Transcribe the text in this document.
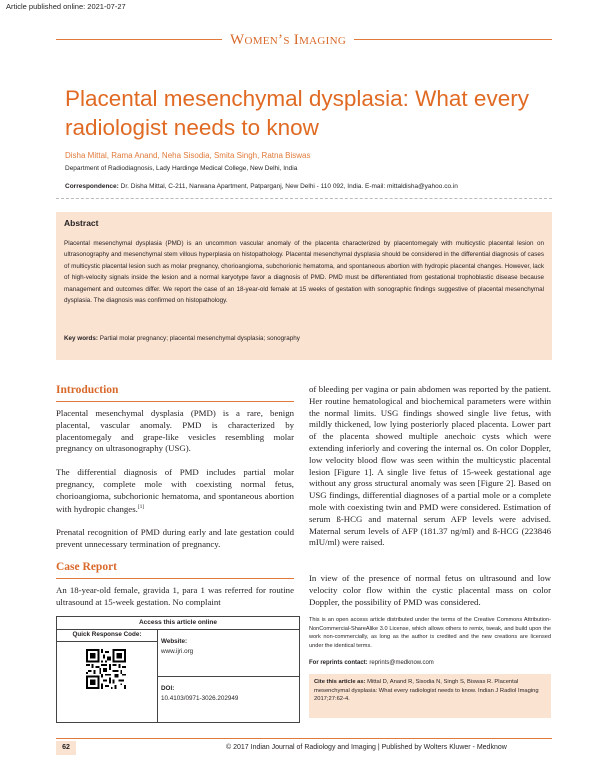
Article published online: 2021-07-27
Women’s Imaging
Placental mesenchymal dysplasia: What every radiologist needs to know
Disha Mittal, Rama Anand, Neha Sisodia, Smita Singh, Ratna Biswas
Department of Radiodiagnosis, Lady Hardinge Medical College, New Delhi, India
Correspondence: Dr. Disha Mittal, C-211, Narwana Apartment, Patparganj, New Delhi - 110 092, India. E-mail: mittaldisha@yahoo.co.in
Abstract
Placental mesenchymal dysplasia (PMD) is an uncommon vascular anomaly of the placenta characterized by placentomegaly with multicystic placental lesion on ultrasonography and mesenchymal stem villous hyperplasia on histopathology. Placental mesenchymal dysplasia should be considered in the differential diagnosis of cases of multicystic placental lesion such as molar pregnancy, chorioangioma, subchorionic hematoma, and spontaneous abortion with hydropic placental changes. However, lack of high-velocity signals inside the lesion and a normal karyotype favor a diagnosis of PMD. PMD must be differentiated from gestational trophoblastic disease because management and outcomes differ. We report the case of an 18-year-old female at 15 weeks of gestation with sonographic findings suggestive of placental mesenchymal dysplasia. The diagnosis was confirmed on histopathology.
Key words: Partial molar pregnancy; placental mesenchymal dysplasia; sonography
Introduction
Placental mesenchymal dysplasia (PMD) is a rare, benign placental, vascular anomaly. PMD is characterized by placentomegaly and grape-like vesicles resembling molar pregnancy on ultrasonography (USG).
The differential diagnosis of PMD includes partial molar pregnancy, complete mole with coexisting normal fetus, chorioangioma, subchorionic hematoma, and spontaneous abortion with hydropic changes.[1]
Prenatal recognition of PMD during early and late gestation could prevent unnecessary termination of pregnancy.
Case Report
An 18-year-old female, gravida 1, para 1 was referred for routine ultrasound at 15-week gestation. No complaint
of bleeding per vagina or pain abdomen was reported by the patient. Her routine hematological and biochemical parameters were within the normal limits. USG findings showed single live fetus, with mildly thickened, low lying posteriorly placed placenta. Lower part of the placenta showed multiple anechoic cysts which were extending inferiorly and covering the internal os. On color Doppler, low velocity blood flow was seen within the multicystic placental lesion [Figure 1]. A single live fetus of 15-week gestational age without any gross structural anomaly was seen [Figure 2]. Based on USG findings, differential diagnoses of a partial mole or a complete mole with coexisting twin and PMD were considered. Estimation of serum ß-HCG and maternal serum AFP levels were advised. Maternal serum levels of AFP (181.37 ng/ml) and ß-HCG (223846 mIU/ml) were raised.
In view of the presence of normal fetus on ultrasound and low velocity color flow within the cystic placental mass on color Doppler, the possibility of PMD was considered.
Access this article online
Quick Response Code:
Website:
www.ijri.org
DOI:
10.4103/0971-3026.202949
This is an open access article distributed under the terms of the Creative Commons Attribution-NonCommercial-ShareAlike 3.0 License, which allows others to remix, tweak, and build upon the work non-commercially, as long as the author is credited and the new creations are licensed under the identical terms.
For reprints contact: reprints@medknow.com
Cite this article as: Mittal D, Anand R, Sisodia N, Singh S, Biswas R. Placental mesenchymal dysplasia: What every radiologist needs to know. Indian J Radiol Imaging 2017;27:62-4.
62	© 2017 Indian Journal of Radiology and Imaging | Published by Wolters Kluwer - Medknow
